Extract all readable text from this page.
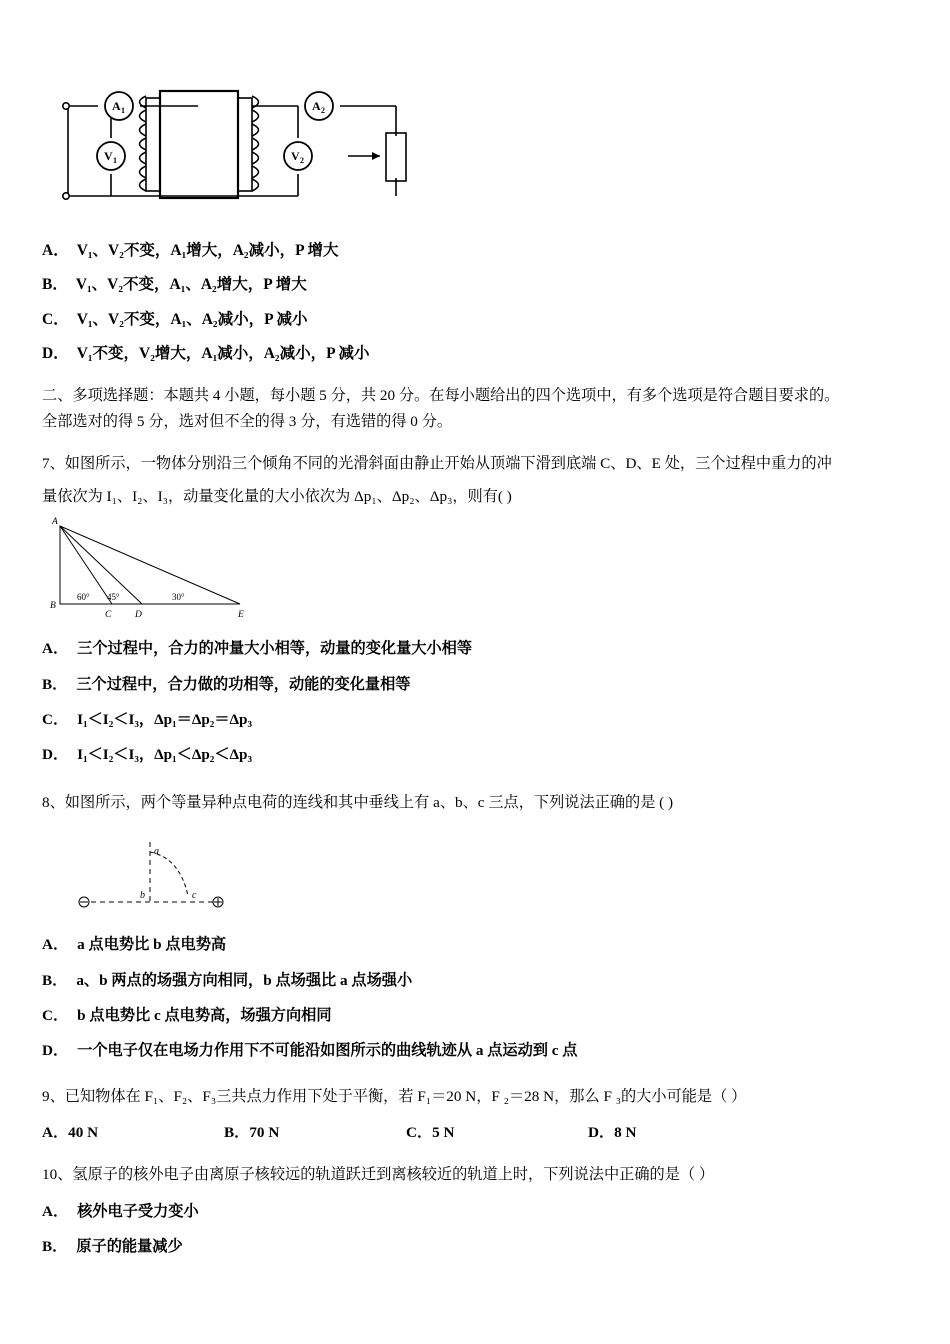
A 1
V 1
A 2
V 2
A． V₁、V₂不变，A₁增大，A₂减小，P 增大
B． V₁、V₂不变，A₁、A₂增大，P 增大
C． V₁、V₂不变，A₁、A₂减小，P 减小
D． V₁不变，V₂增大，A₁减小，A₂减小，P 减小
二、多项选择题：本题共 4 小题，每小题 5 分，共 20 分。在每小题给出的四个选项中，有多个选项是符合题目要求的。
全部选对的得 5 分，选对但不全的得 3 分，有选错的得 0 分。
7、如图所示，一物体分别沿三个倾角不同的光滑斜面由静止开始从顶端下滑到底端 C、D、E 处，三个过程中重力的冲
量依次为 I₁、I₂、I₃，动量变化量的大小依次为 Δp₁、Δp₂、Δp₃，则有( )
A
B
C D	E
60° 45°	30°
A． 三个过程中，合力的冲量大小相等，动量的变化量大小相等
B． 三个过程中，合力做的功相等，动能的变化量相等
C． I₁＜I₂＜I₃，Δp₁＝Δp₂＝Δp₃
D． I₁＜I₂＜I₃，Δp₁＜Δp₂＜Δp₃
8、如图所示，两个等量异种点电荷的连线和其中垂线上有 a、b、c 三点，下列说法正确的是 ( )
a
b	c
A． a 点电势比 b 点电势高
B． a、b 两点的场强方向相同，b 点场强比 a 点场强小
C． b 点电势比 c 点电势高，场强方向相同
D． 一个电子仅在电场力作用下不可能沿如图所示的曲线轨迹从 a 点运动到 c 点
9、已知物体在 F₁、F₂、F₃三共点力作用下处于平衡，若 F₁＝20 N，F ₂＝28 N，那么 F ₃的大小可能是（ ）
A．40 N	B．70 N	C．5 N	D．8 N
10、氢原子的核外电子由离原子核较远的轨道跃迁到离核较近的轨道上时，下列说法中正确的是（ ）
A． 核外电子受力变小
B． 原子的能量减少
